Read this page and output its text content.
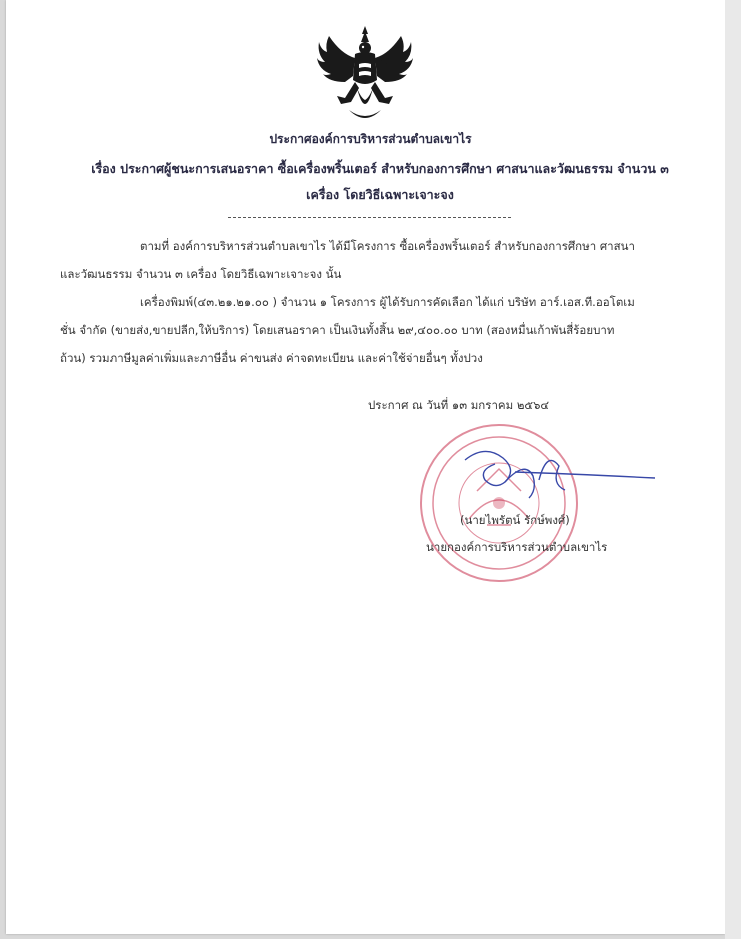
ประกาศองค์การบริหารส่วนตำบลเขาไร
เรื่อง ประกาศผู้ชนะการเสนอราคา ซื้อเครื่องพริ้นเตอร์ สำหรับกองการศึกษา ศาสนาและวัฒนธรรม จำนวน ๓
เครื่อง โดยวิธีเฉพาะเจาะจง
ตามที่ องค์การบริหารส่วนตำบลเขาไร ได้มีโครงการ ซื้อเครื่องพริ้นเตอร์ สำหรับกองการศึกษา ศาสนา
และวัฒนธรรม จำนวน ๓ เครื่อง โดยวิธีเฉพาะเจาะจง นั้น
เครื่องพิมพ์(๔๓.๒๑.๒๑.๐๐ ) จำนวน ๑ โครงการ ผู้ได้รับการคัดเลือก ได้แก่ บริษัท อาร์.เอส.ที.ออโตเม
ชั่น จำกัด (ขายส่ง,ขายปลีก,ให้บริการ) โดยเสนอราคา เป็นเงินทั้งสิ้น ๒๙,๔๐๐.๐๐ บาท (สองหมื่นเก้าพันสี่ร้อยบาท
ถ้วน) รวมภาษีมูลค่าเพิ่มและภาษีอื่น ค่าขนส่ง ค่าจดทะเบียน และค่าใช้จ่ายอื่นๆ ทั้งปวง
ประกาศ ณ วันที่ ๑๓ มกราคม ๒๕๖๔
(นายไพรัตน์ รักษ์พงศ์)
นายกองค์การบริหารส่วนตำบลเขาไร
